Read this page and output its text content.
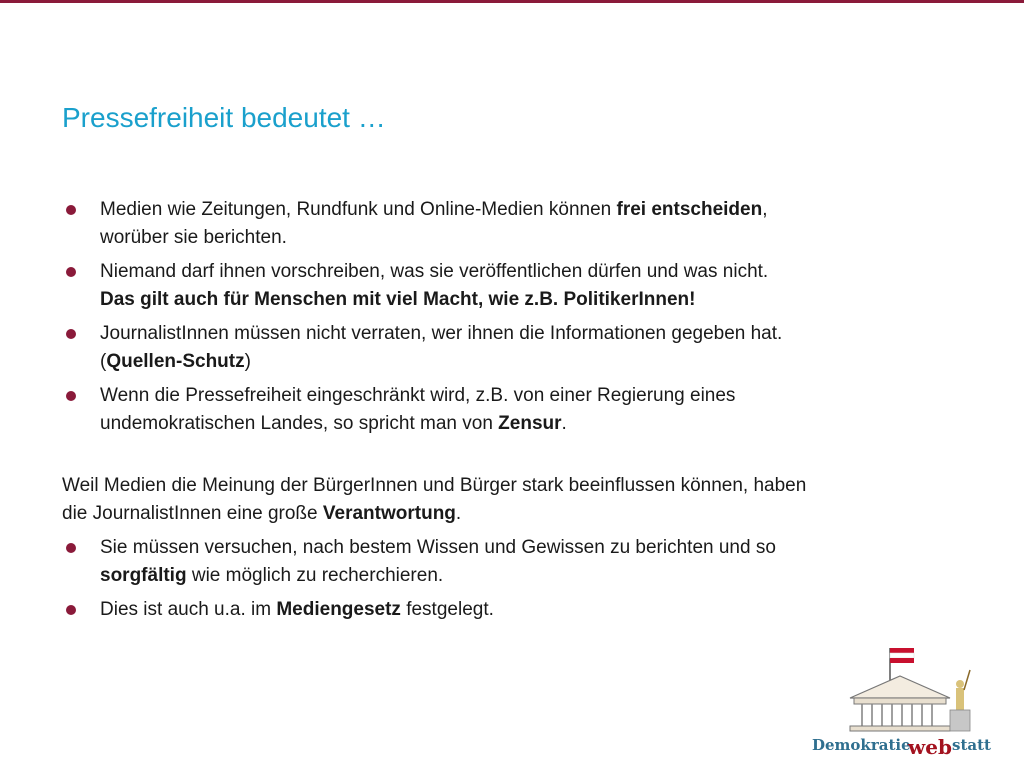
Pressefreiheit bedeutet …
Medien wie Zeitungen, Rundfunk und Online-Medien können frei entscheiden,
worüber sie berichten.
Niemand darf ihnen vorschreiben, was sie veröffentlichen dürfen und was nicht.
Das gilt auch für Menschen mit viel Macht, wie z.B. PolitikerInnen!
JournalistInnen müssen nicht verraten, wer ihnen die Informationen gegeben hat.
(Quellen-Schutz)
Wenn die Pressefreiheit eingeschränkt wird, z.B. von einer Regierung eines
undemokratischen Landes, so spricht man von Zensur.

Weil Medien die Meinung der BürgerInnen und Bürger stark beeinflussen können, haben
die JournalistInnen eine große Verantwortung.

Sie müssen versuchen, nach bestem Wissen und Gewissen zu berichten und so
sorgfältig wie möglich zu recherchieren.
Dies ist auch u.a. im Mediengesetz festgelegt.
Demokratie
web statt
